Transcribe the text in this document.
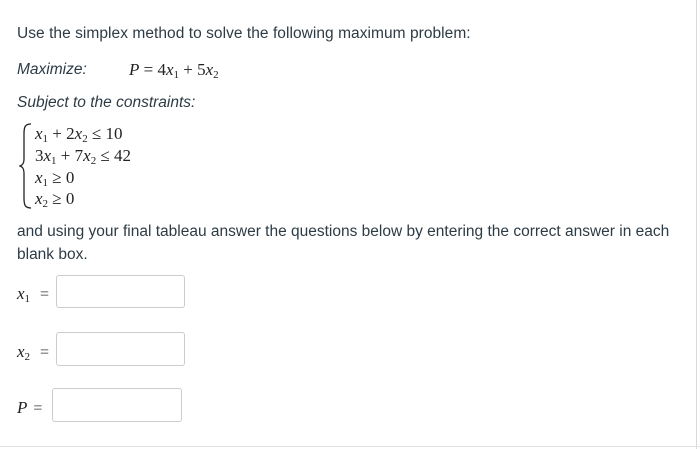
Use the simplex method to solve the following maximum problem:
Maximize: $P = 4x_1 + 5x_2$
Subject to the constraints:
$x_1 + 2x_2 \le 10$
$3x_1 + 7x_2 \le 42$
$x_1 \ge 0$
$x_2 \ge 0$
and using your final tableau answer the questions below by entering the correct answer in each blank box.
$x_1$ =
$x_2$ =
P =
